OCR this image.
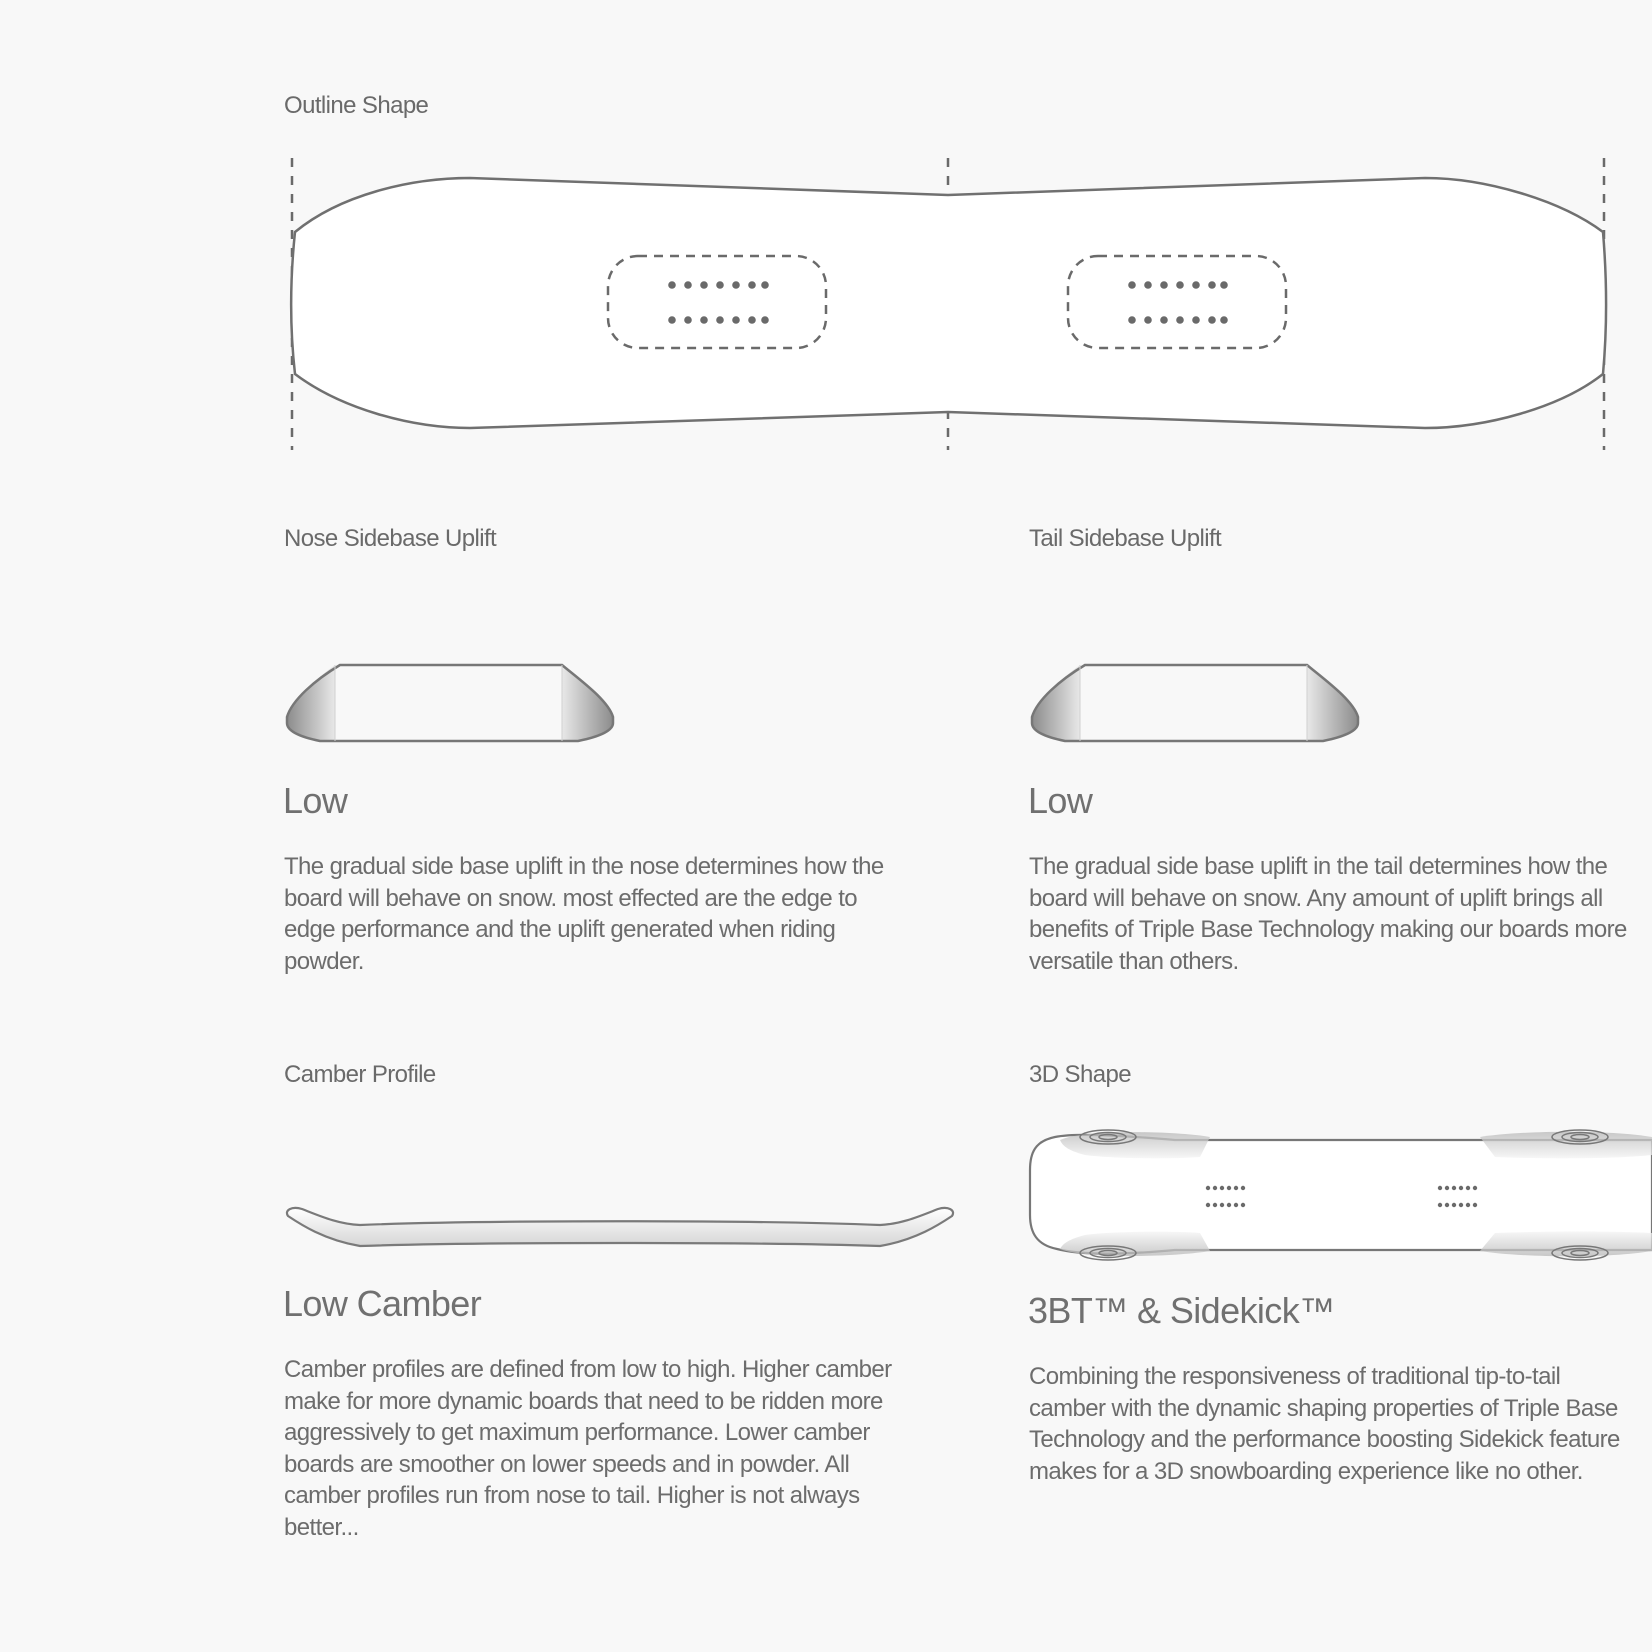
Outline Shape
Nose Sidebase Uplift
Low
The gradual side base uplift in the nose determines how the
board will behave on snow. most effected are the edge to
edge performance and the uplift generated when riding
powder.
Tail Sidebase Uplift
Low
The gradual side base uplift in the tail determines how the
board will behave on snow. Any amount of uplift brings all
benefits of Triple Base Technology making our boards more
versatile than others.
Camber Profile
Low Camber
Camber profiles are defined from low to high. Higher camber
make for more dynamic boards that need to be ridden more
aggressively to get maximum performance. Lower camber
boards are smoother on lower speeds and in powder. All
camber profiles run from nose to tail. Higher is not always
better...
3D Shape
3BT™ & Sidekick™
Combining the responsiveness of traditional tip-to-tail
camber with the dynamic shaping properties of Triple Base
Technology and the performance boosting Sidekick feature
makes for a 3D snowboarding experience like no other.
